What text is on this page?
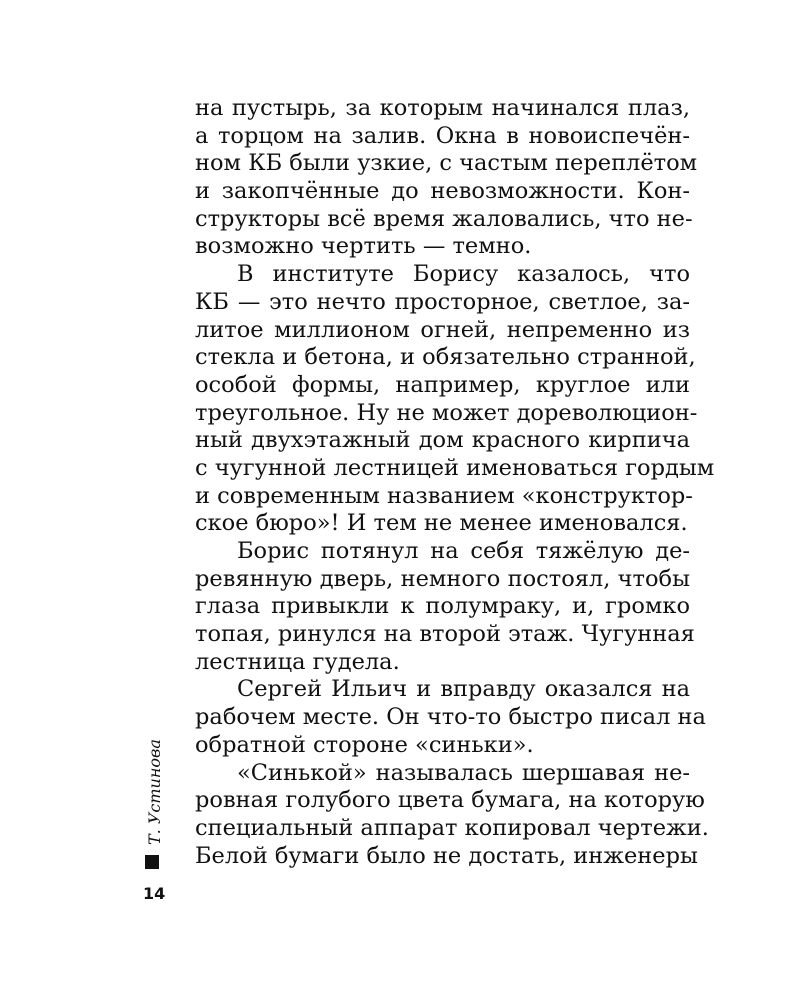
на пустырь, за которым начинался плаз,
а торцом на залив. Окна в новоиспечён-
ном КБ были узкие, с частым переплётом
и закопчённые до невозможности. Кон-
структоры всё время жаловались, что не-
возможно чертить — темно.
В институте Борису казалось, что
КБ — это нечто просторное, светлое, за-
литое миллионом огней, непременно из
стекла и бетона, и обязательно странной,
особой формы, например, круглое или
треугольное. Ну не может дореволюцион-
ный двухэтажный дом красного кирпича
с чугунной лестницей именоваться гордым
и современным названием «конструктор-
ское бюро»! И тем не менее именовался.
Борис потянул на себя тяжёлую де-
ревянную дверь, немного постоял, чтобы
глаза привыкли к полумраку, и, громко
топая, ринулся на второй этаж. Чугунная
лестница гудела.
Сергей Ильич и вправду оказался на
рабочем месте. Он что-то быстро писал на
обратной стороне «синьки».
«Синькой» называлась шершавая не-
ровная голубого цвета бумага, на которую
специальный аппарат копировал чертежи.
Белой бумаги было не достать, инженеры
Т. Устинова
14
